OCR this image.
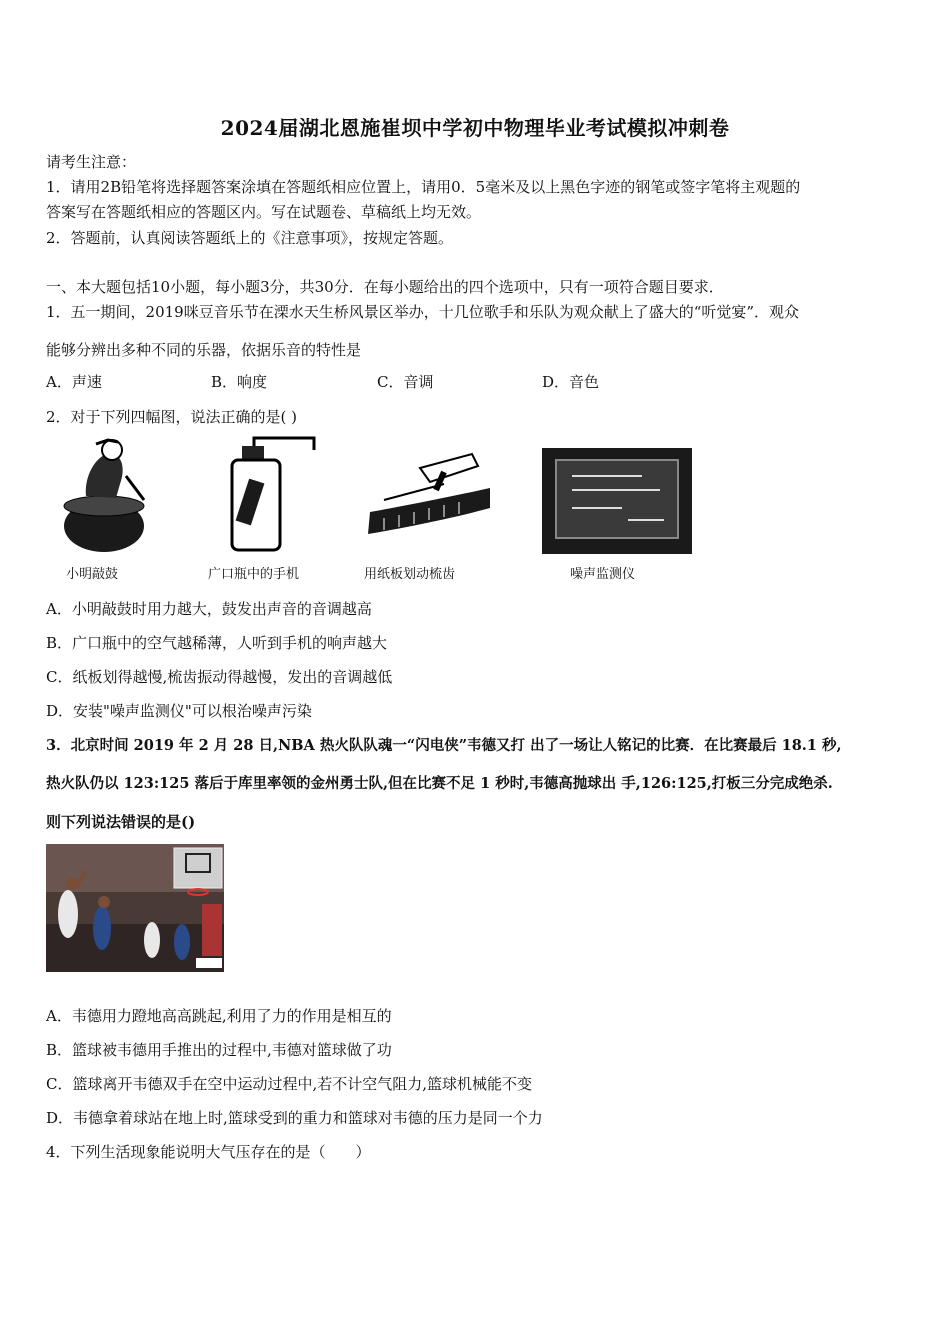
2024届湖北恩施崔坝中学初中物理毕业考试模拟冲刺卷
请考生注意：
1．请用2B铅笔将选择题答案涂填在答题纸相应位置上，请用0．5毫米及以上黑色字迹的钢笔或签字笔将主观题的
答案写在答题纸相应的答题区内。写在试题卷、草稿纸上均无效。
2．答题前，认真阅读答题纸上的《注意事项》，按规定答题。
一、本大题包括10小题，每小题3分，共30分．在每小题给出的四个选项中，只有一项符合题目要求．
1．五一期间，2019咪豆音乐节在溧水天生桥风景区举办，十几位歌手和乐队为观众献上了盛大的“听觉宴”．观众
能够分辨出多种不同的乐器，依据乐音的特性是
A．声速	B．响度	C．音调	D．音色
2．对于下列四幅图，说法正确的是( )
小明敲鼓	广口瓶中的手机	用纸板划动梳齿	噪声监测仪
A．小明敲鼓时用力越大，鼓发出声音的音调越高
B．广口瓶中的空气越稀薄，人听到手机的响声越大
C．纸板划得越慢,梳齿振动得越慢，发出的音调越低
D．安装"噪声监测仪"可以根治噪声污染
3．北京时间 2019 年 2 月 28 日,NBA 热火队队魂一“闪电侠”韦德又打 出了一场让人铭记的比赛．在比赛最后 18.1 秒,
热火队仍以 123:125 落后于库里率领的金州勇士队,但在比赛不足 1 秒时,韦德高抛球出 手,126:125,打板三分完成绝杀.
则下列说法错误的是()
A．韦德用力蹬地高高跳起,利用了力的作用是相互的
B．篮球被韦德用手推出的过程中,韦德对篮球做了功
C．篮球离开韦德双手在空中运动过程中,若不计空气阻力,篮球机械能不变
D．韦德拿着球站在地上时,篮球受到的重力和篮球对韦德的压力是同一个力
4．下列生活现象能说明大气压存在的是（　　）
